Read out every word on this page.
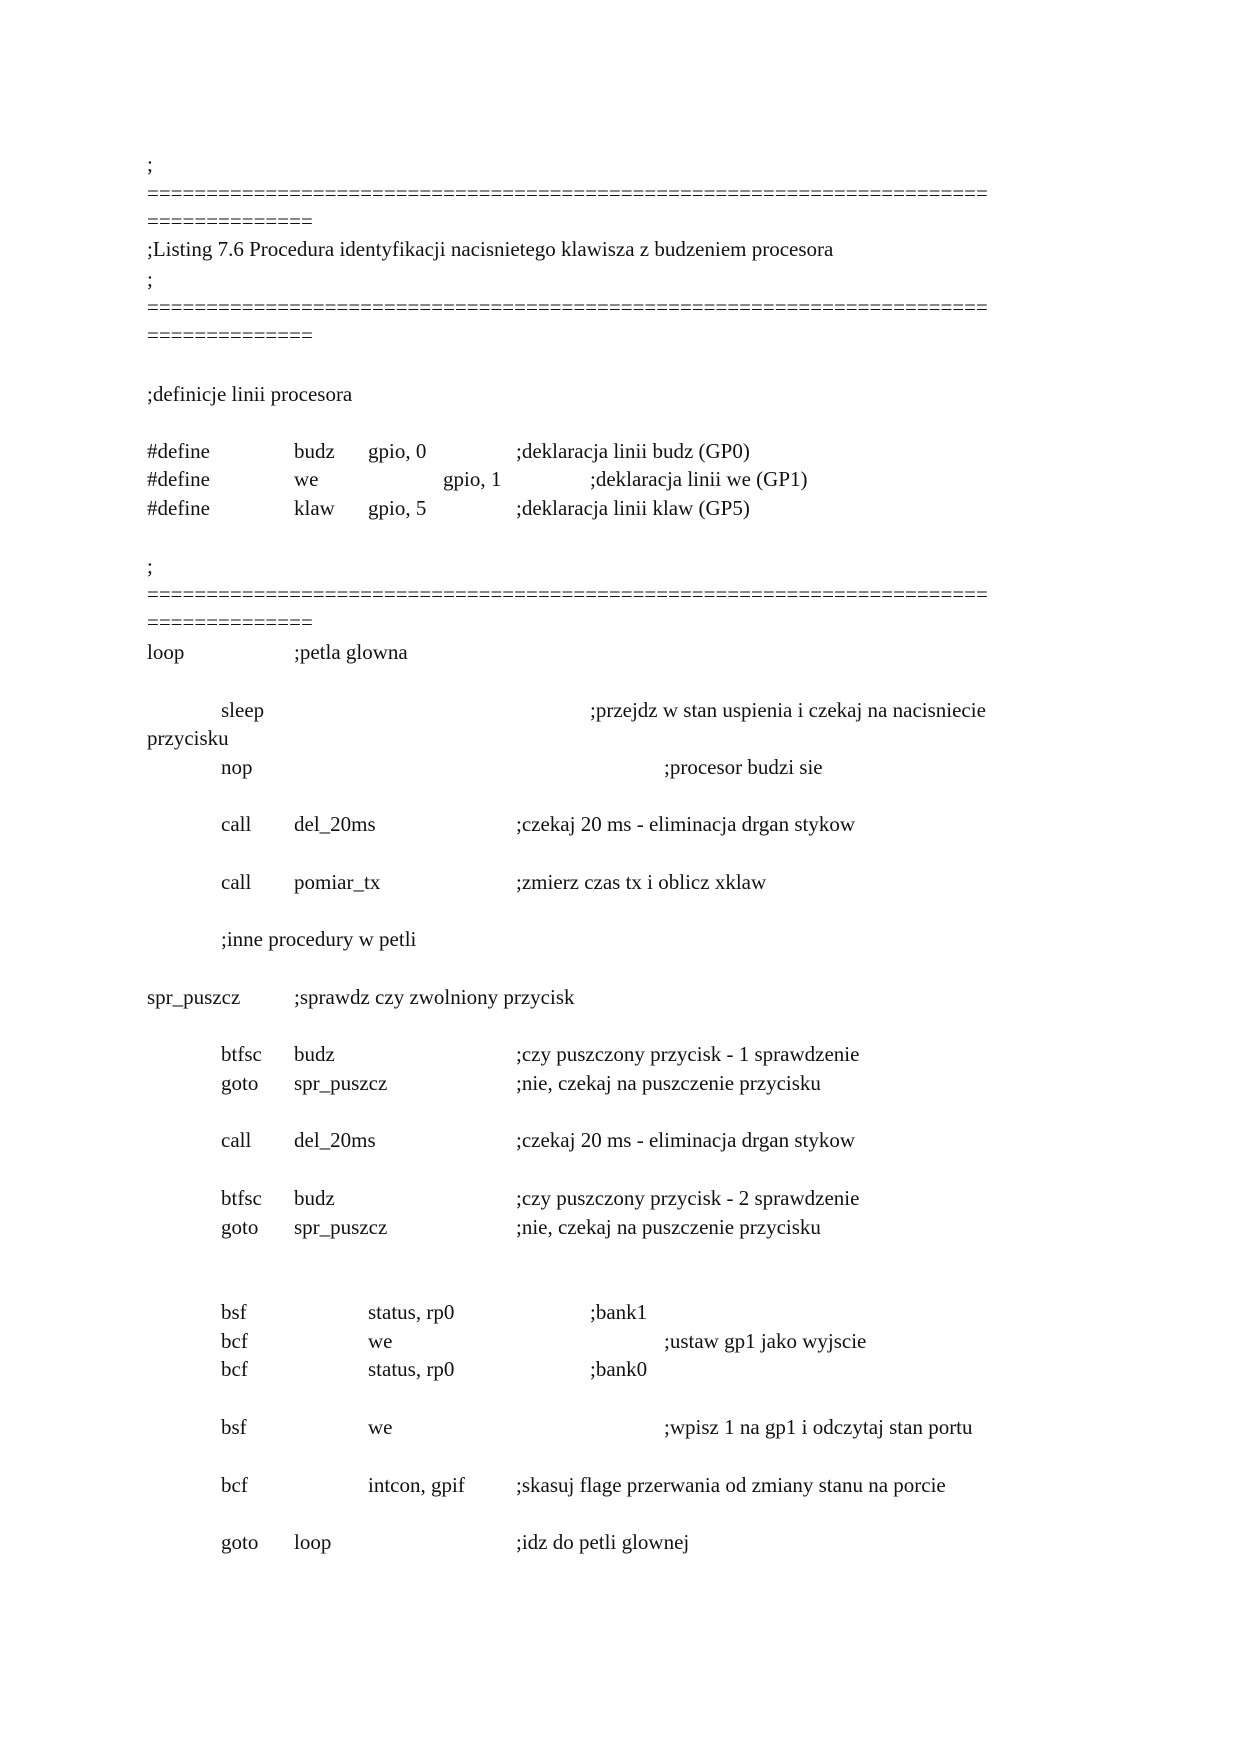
;
=======================================================================
==============
;Listing 7.6 Procedura identyfikacji nacisnietego klawisza z budzeniem procesora
;
=======================================================================
==============
;definicje linii procesora
#define	budz gpio, 0	;deklaracja linii budz (GP0)
#define	we	gpio, 1	;deklaracja linii we (GP1)
#define	klaw gpio, 5	;deklaracja linii klaw (GP5)
;
=======================================================================
==============
loop	;petla glowna
sleep	;przejdz w stan uspienia i czekaj na nacisniecie
przycisku
nop	;procesor budzi sie
call del_20ms	;czekaj 20 ms - eliminacja drgan stykow
call pomiar_tx	;zmierz czas tx i oblicz xklaw
;inne procedury w petli
spr_puszcz	;sprawdz czy zwolniony przycisk
btfsc budz	;czy puszczony przycisk - 1 sprawdzenie
goto spr_puszcz	;nie, czekaj na puszczenie przycisku
call del_20ms	;czekaj 20 ms - eliminacja drgan stykow
btfsc budz	;czy puszczony przycisk - 2 sprawdzenie
goto spr_puszcz	;nie, czekaj na puszczenie przycisku
bsf	status, rp0	;bank1
bcf	we	;ustaw gp1 jako wyjscie
bcf	status, rp0	;bank0
bsf	we	;wpisz 1 na gp1 i odczytaj stan portu
bcf	intcon, gpif ;skasuj flage przerwania od zmiany stanu na porcie
goto loop	;idz do petli glownej
